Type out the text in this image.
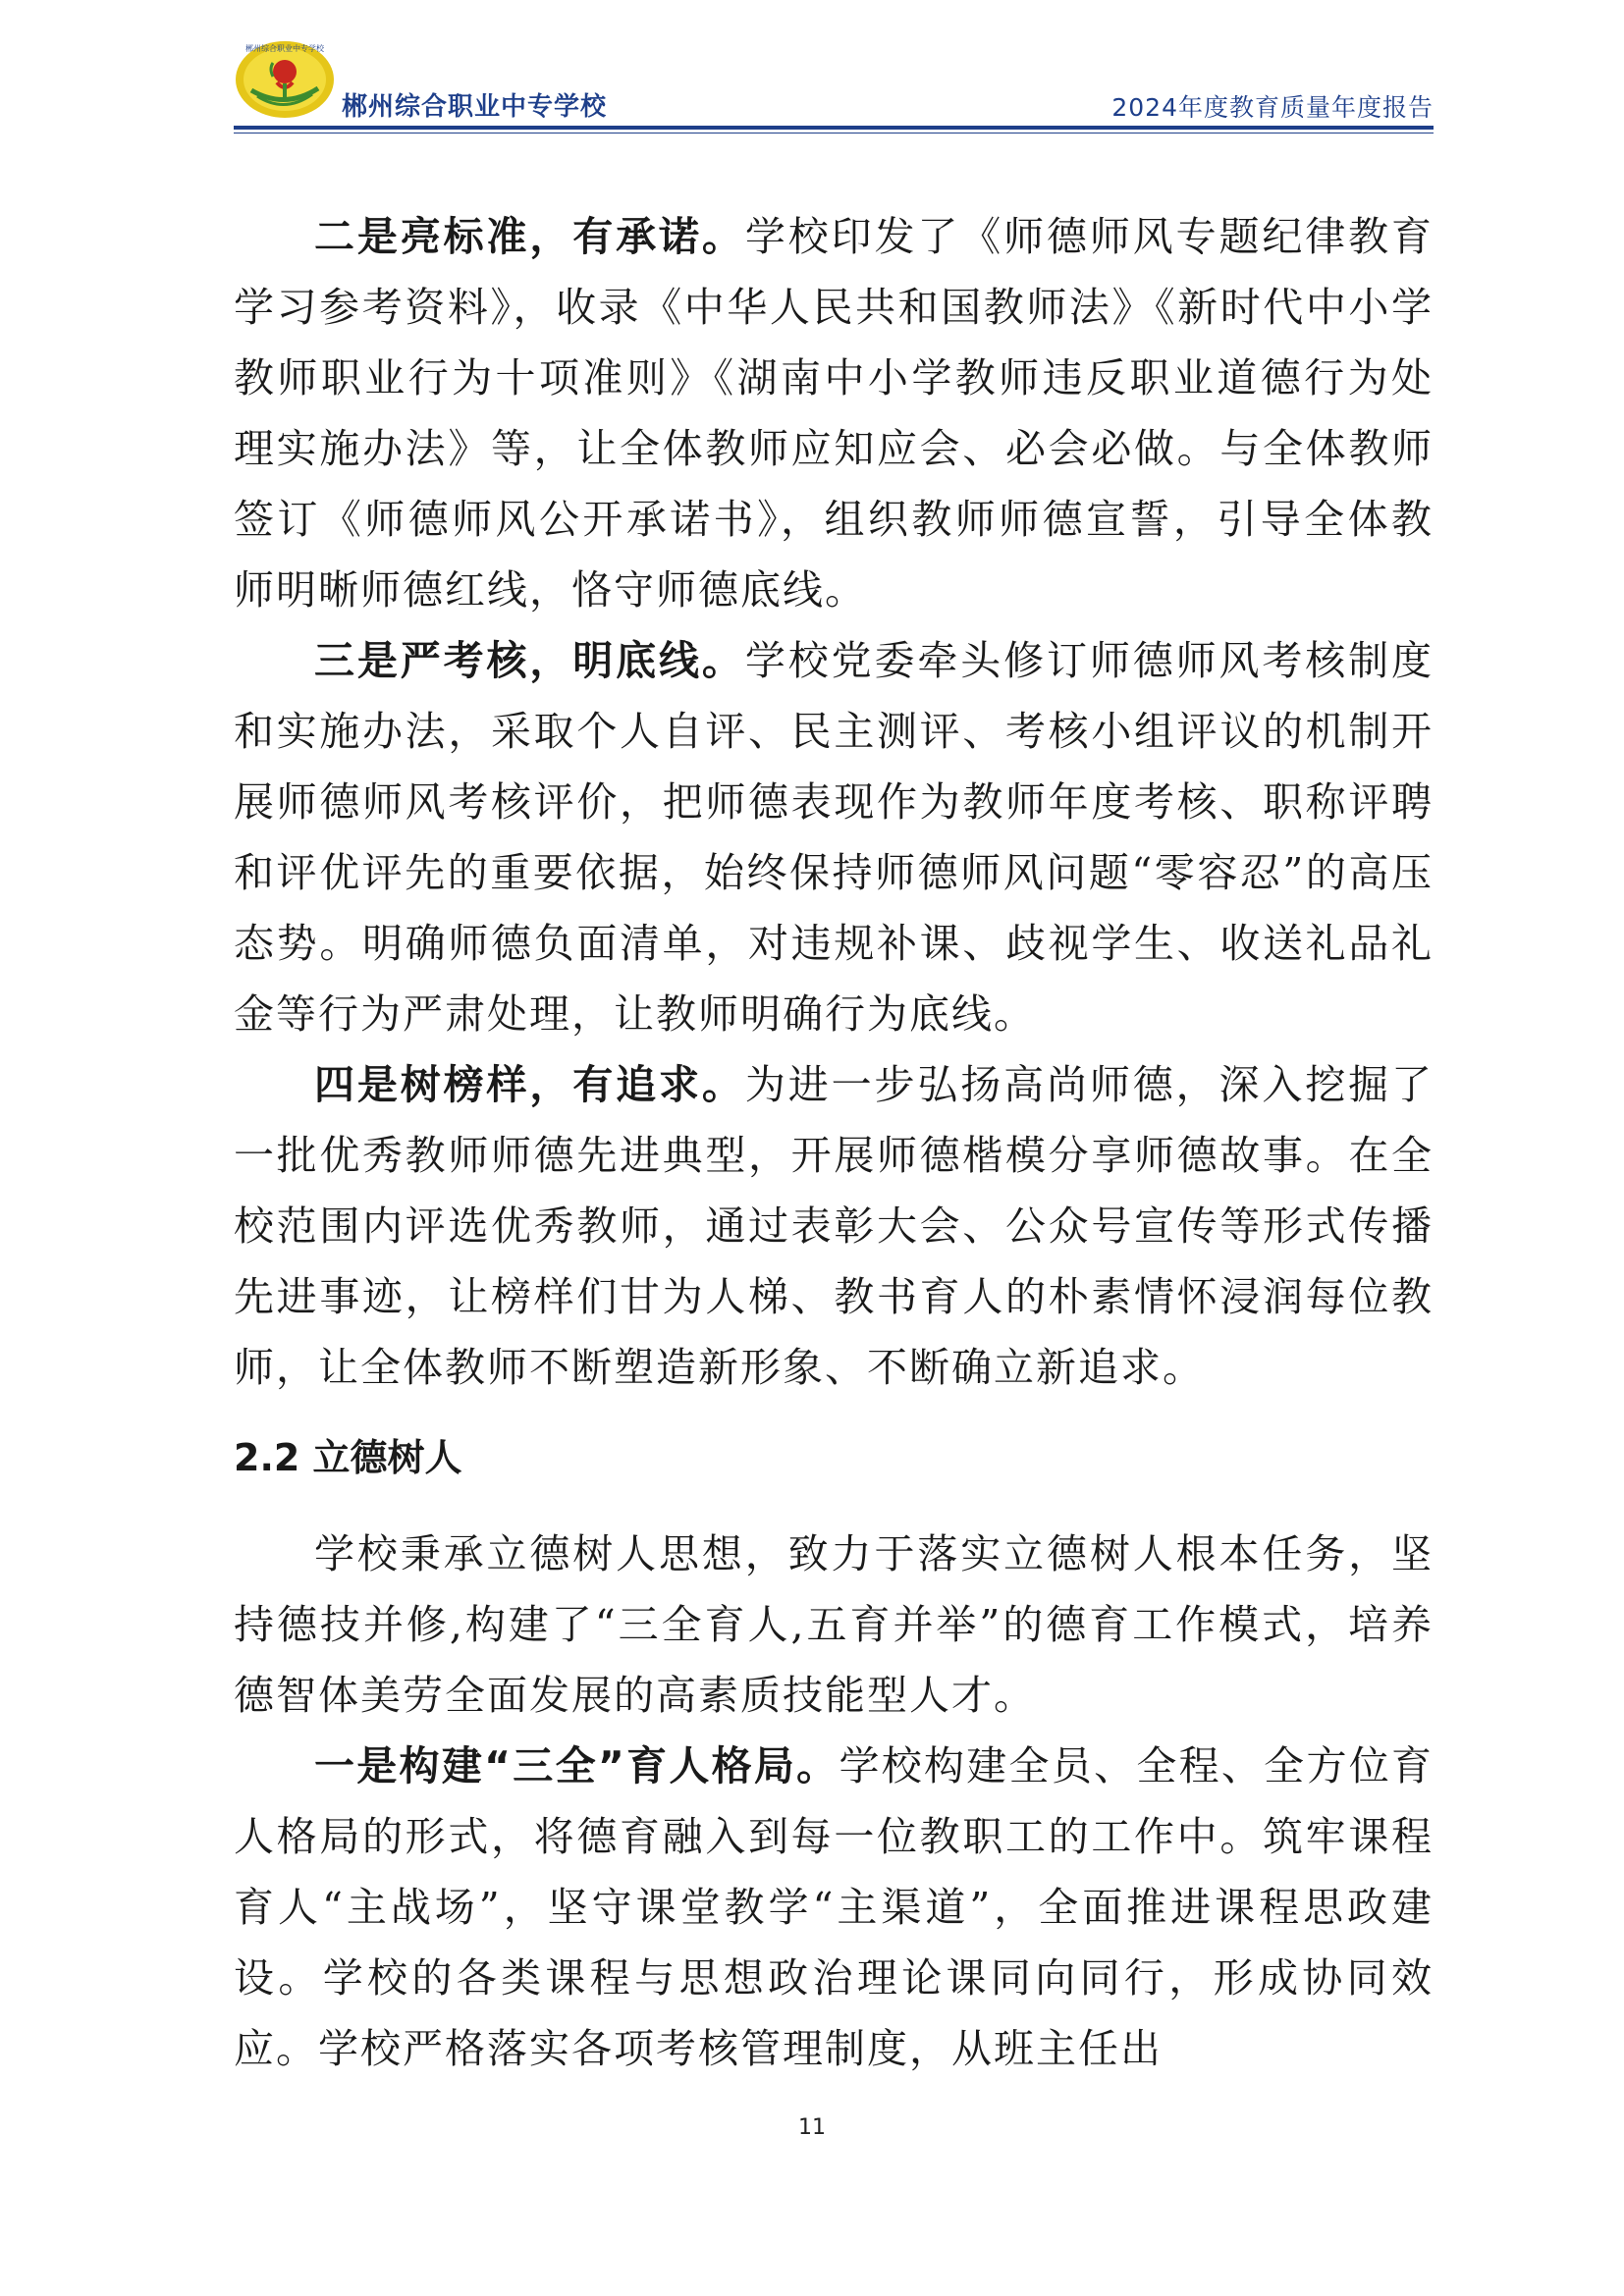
郴州综合职业中专学校
郴州综合职业中专学校	2024年度教育质量年度报告

二是亮标准，有承诺。学校印发了《师德师风专题纪律教育学习参考资料》，收录《中华人民共和国教师法》《新时代中小学教师职业行为十项准则》《湖南中小学教师违反职业道德行为处理实施办法》等，让全体教师应知应会、必会必做。与全体教师签订《师德师风公开承诺书》，组织教师师德宣誓，引导全体教师明晰师德红线，恪守师德底线。

三是严考核，明底线。学校党委牵头修订师德师风考核制度和实施办法，采取个人自评、民主测评、考核小组评议的机制开展师德师风考核评价，把师德表现作为教师年度考核、职称评聘和评优评先的重要依据，始终保持师德师风问题“零容忍”的高压态势。明确师德负面清单，对违规补课、歧视学生、收送礼品礼金等行为严肃处理，让教师明确行为底线。

四是树榜样，有追求。为进一步弘扬高尚师德，深入挖掘了一批优秀教师师德先进典型，开展师德楷模分享师德故事。在全校范围内评选优秀教师，通过表彰大会、公众号宣传等形式传播先进事迹，让榜样们甘为人梯、教书育人的朴素情怀浸润每位教师，让全体教师不断塑造新形象、不断确立新追求。

2.2 立德树人

学校秉承立德树人思想，致力于落实立德树人根本任务，坚持德技并修,构建了“三全育人,五育并举”的德育工作模式，培养德智体美劳全面发展的高素质技能型人才。

一是构建“三全”育人格局。学校构建全员、全程、全方位育人格局的形式，将德育融入到每一位教职工的工作中。筑牢课程育人“主战场”，坚守课堂教学“主渠道”，全面推进课程思政建设。学校的各类课程与思想政治理论课同向同行，形成协同效应。学校严格落实各项考核管理制度，从班主任出

11
